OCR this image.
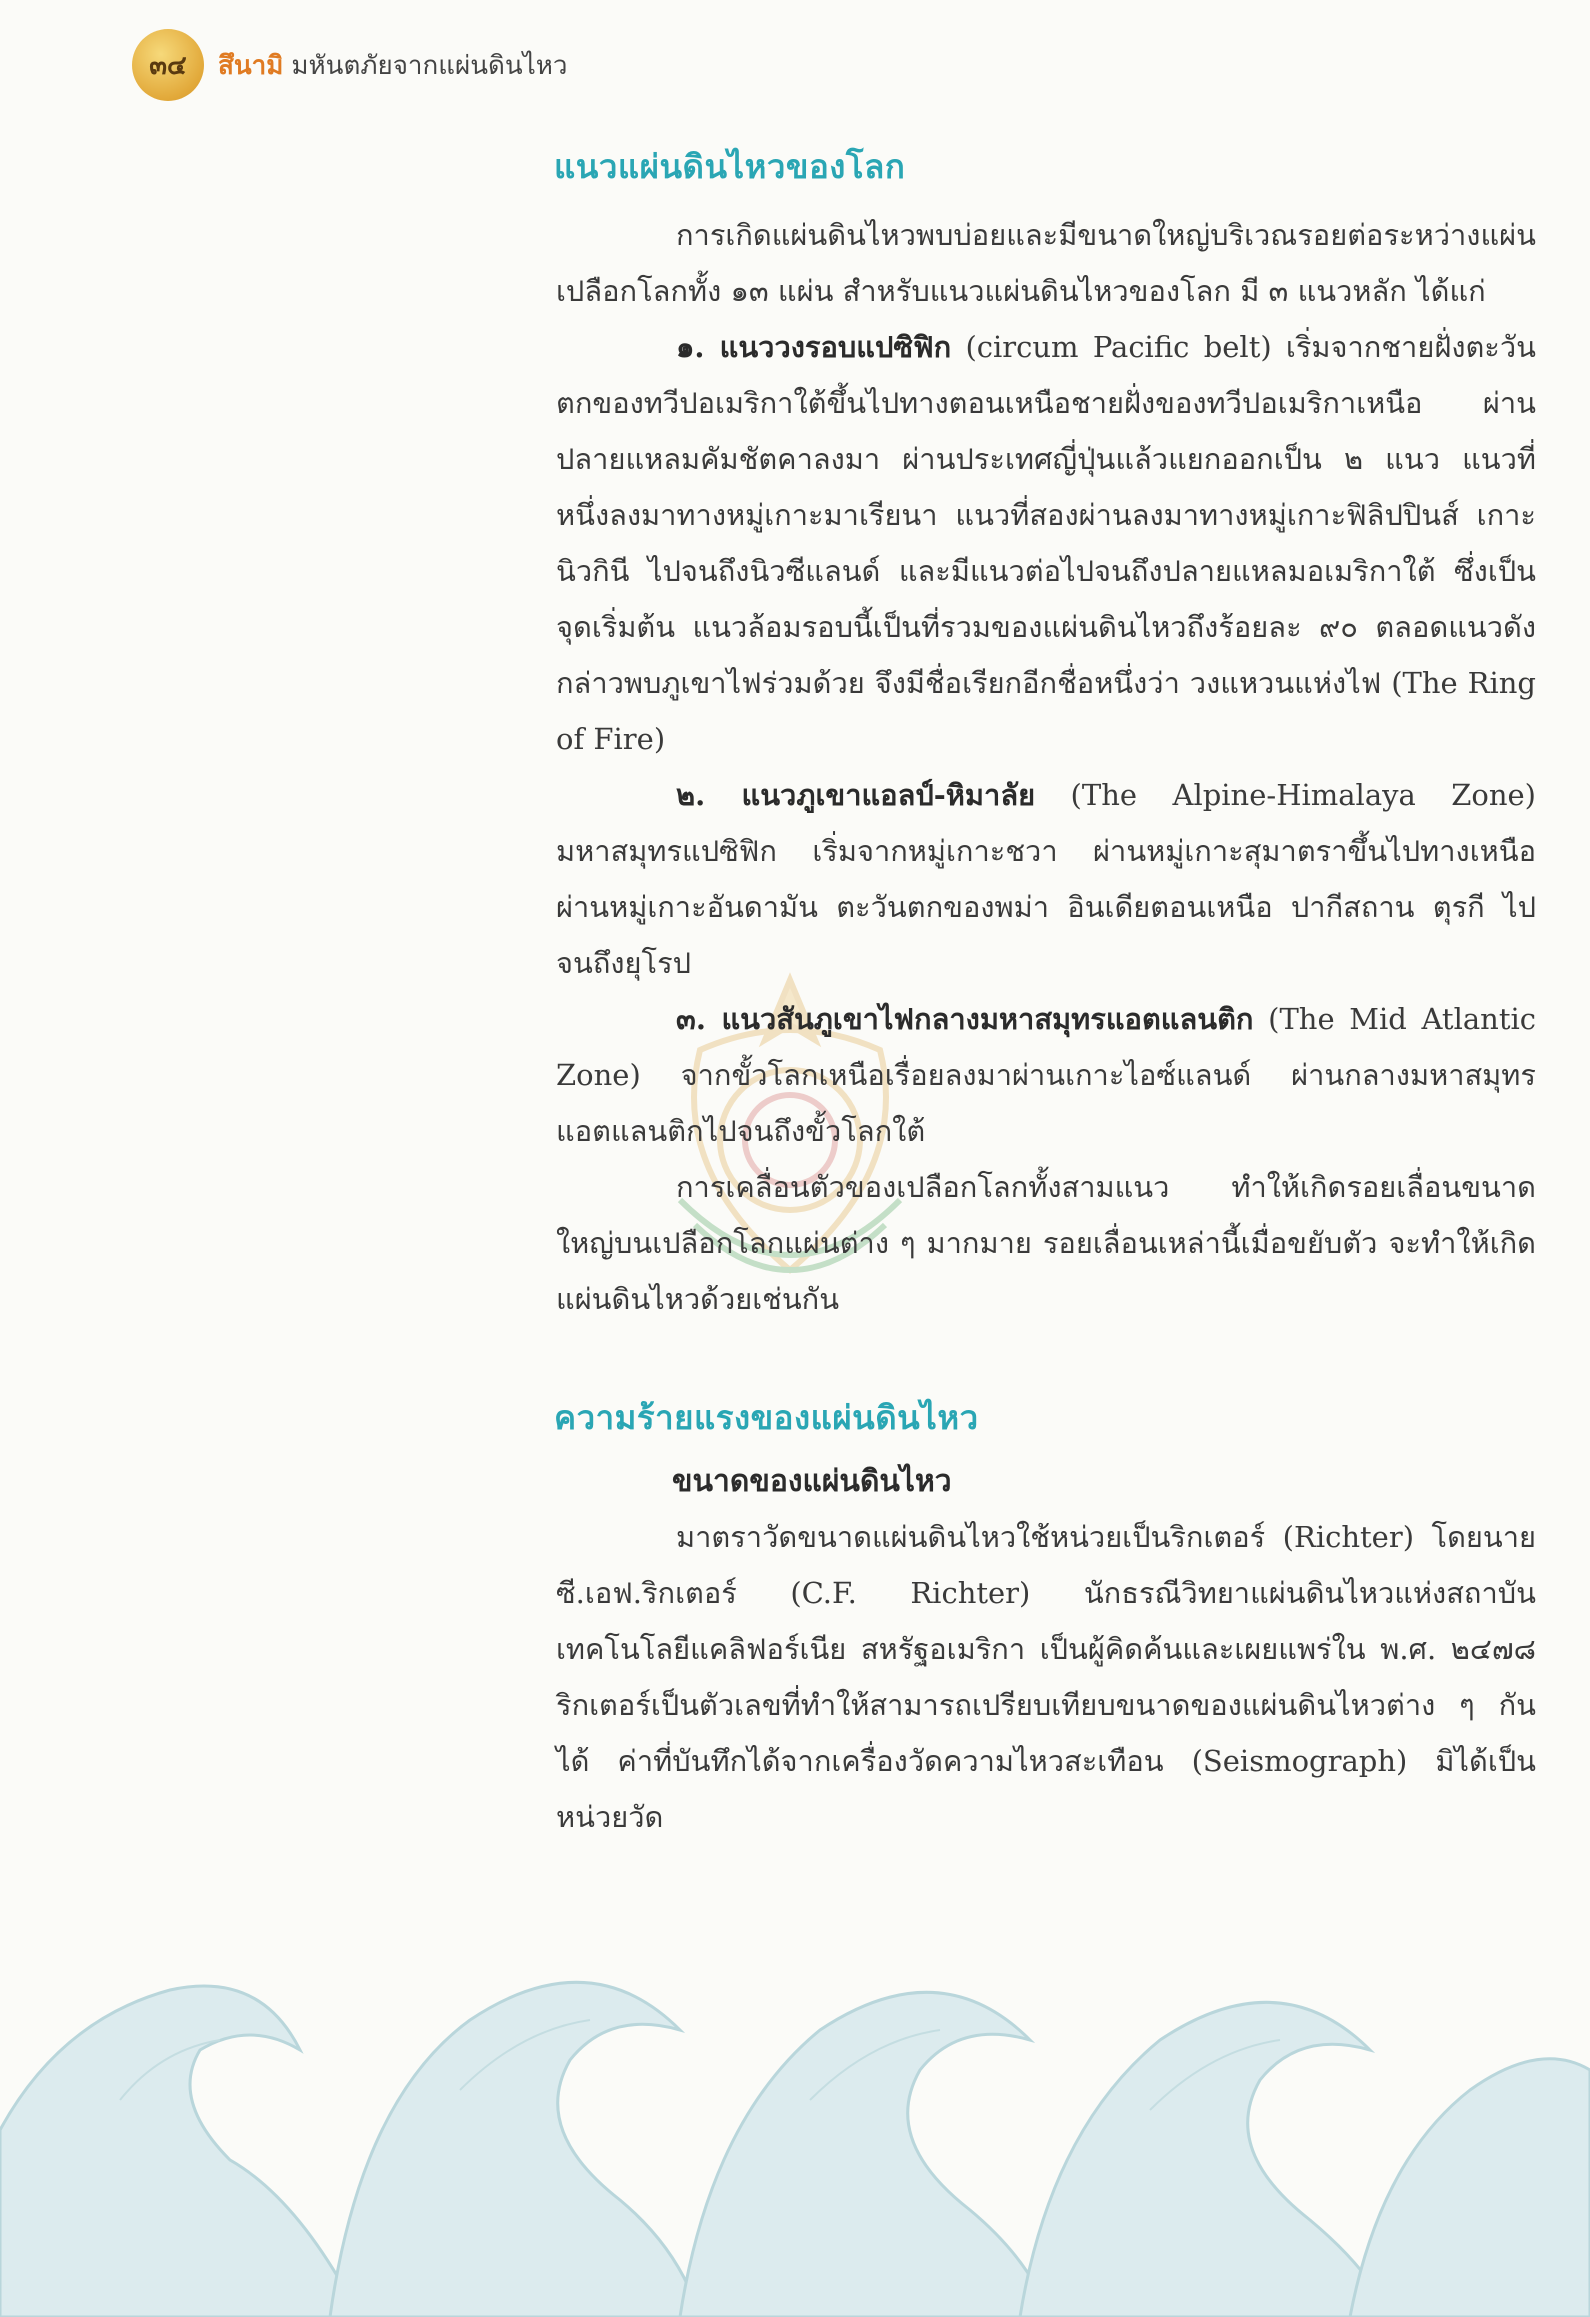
๓๔ สึนามิ มหันตภัยจากแผ่นดินไหว
แนวแผ่นดินไหวของโลก

การเกิดแผ่นดินไหวพบบ่อยและมีขนาดใหญ่บริเวณรอยต่อระหว่างแผ่นเปลือกโลกทั้ง ๑๓ แผ่น สำหรับแนวแผ่นดินไหวของโลก มี ๓ แนวหลัก ได้แก่

๑. แนววงรอบแปซิฟิก (circum Pacific belt) เริ่มจากชายฝั่งตะวันตกของทวีปอเมริกาใต้ขึ้นไปทางตอนเหนือชายฝั่งของทวีปอเมริกาเหนือ ผ่านปลายแหลมคัมชัตคาลงมา ผ่านประเทศญี่ปุ่นแล้วแยกออกเป็น ๒ แนว แนวที่หนึ่งลงมาทางหมู่เกาะมาเรียนา แนวที่สองผ่านลงมาทางหมู่เกาะฟิลิปปินส์ เกาะนิวกินี ไปจนถึงนิวซีแลนด์ และมีแนวต่อไปจนถึงปลายแหลมอเมริกาใต้ ซึ่งเป็นจุดเริ่มต้น แนวล้อมรอบนี้เป็นที่รวมของแผ่นดินไหวถึงร้อยละ ๙๐ ตลอดแนวดังกล่าวพบภูเขาไฟร่วมด้วย จึงมีชื่อเรียกอีกชื่อหนึ่งว่า วงแหวนแห่งไฟ (The Ring of Fire)

๒. แนวภูเขาแอลป์-หิมาลัย (The Alpine-Himalaya Zone) มหาสมุทรแปซิฟิก เริ่มจากหมู่เกาะชวา ผ่านหมู่เกาะสุมาตราขึ้นไปทางเหนือ ผ่านหมู่เกาะอันดามัน ตะวันตกของพม่า อินเดียตอนเหนือ ปากีสถาน ตุรกี ไปจนถึงยุโรป

๓. แนวสันภูเขาไฟกลางมหาสมุทรแอตแลนติก (The Mid Atlantic Zone) จากขั้วโลกเหนือเรื่อยลงมาผ่านเกาะไอซ์แลนด์ ผ่านกลางมหาสมุทรแอตแลนติกไปจนถึงขั้วโลกใต้

การเคลื่อนตัวของเปลือกโลกทั้งสามแนว ทำให้เกิดรอยเลื่อนขนาดใหญ่บนเปลือกโลกแผ่นต่าง ๆ มากมาย รอยเลื่อนเหล่านี้เมื่อขยับตัว จะทำให้เกิดแผ่นดินไหวด้วยเช่นกัน

ความร้ายแรงของแผ่นดินไหว
ขนาดของแผ่นดินไหว

มาตราวัดขนาดแผ่นดินไหวใช้หน่วยเป็นริกเตอร์ (Richter) โดยนาย ซี.เอฟ.ริกเตอร์ (C.F. Richter) นักธรณีวิทยาแผ่นดินไหวแห่งสถาบันเทคโนโลยีแคลิฟอร์เนีย สหรัฐอเมริกา เป็นผู้คิดค้นและเผยแพร่ใน พ.ศ. ๒๔๗๘ ริกเตอร์เป็นตัวเลขที่ทำให้สามารถเปรียบเทียบขนาดของแผ่นดินไหวต่าง ๆ กันได้ ค่าที่บันทึกได้จากเครื่องวัดความไหวสะเทือน (Seismograph) มิได้เป็นหน่วยวัด
